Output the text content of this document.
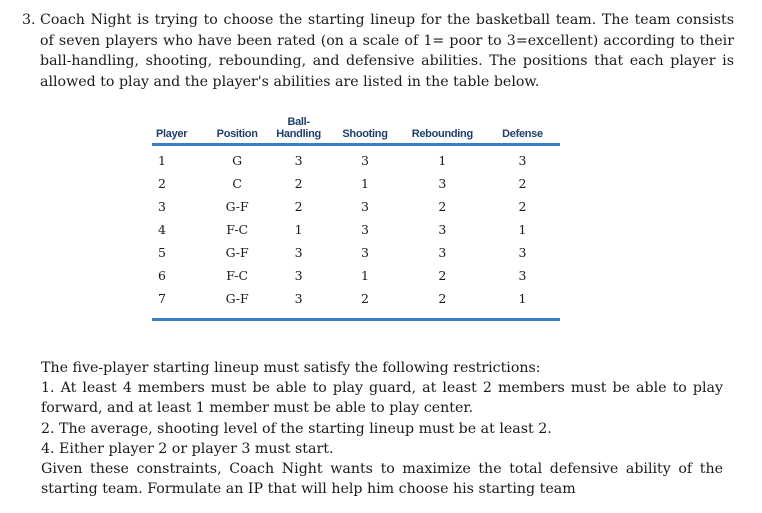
3. Coach Night is trying to choose the starting lineup for the basketball team. The team consists of seven players who have been rated (on a scale of 1= poor to 3=excellent) according to their ball-handling, shooting, rebounding, and defensive abilities. The positions that each player is allowed to play and the player's abilities are listed in the table below.
Player	Position	Ball-
Handling	Shooting	Rebounding	Defense
1	G	3	3	1	3
2	C	2	1	3	2
3	G-F	2	3	2	2
4	F-C	1	3	3	1
5	G-F	3	3	3	3
6	F-C	3	1	2	3
7	G-F	3	2	2	1

The five-player starting lineup must satisfy the following restrictions:

1. At least 4 members must be able to play guard, at least 2 members must be able to play forward, and at least 1 member must be able to play center.

2. The average, shooting level of the starting lineup must be at least 2.

4. Either player 2 or player 3 must start.

Given these constraints, Coach Night wants to maximize the total defensive ability of the starting team. Formulate an IP that will help him choose his starting team
